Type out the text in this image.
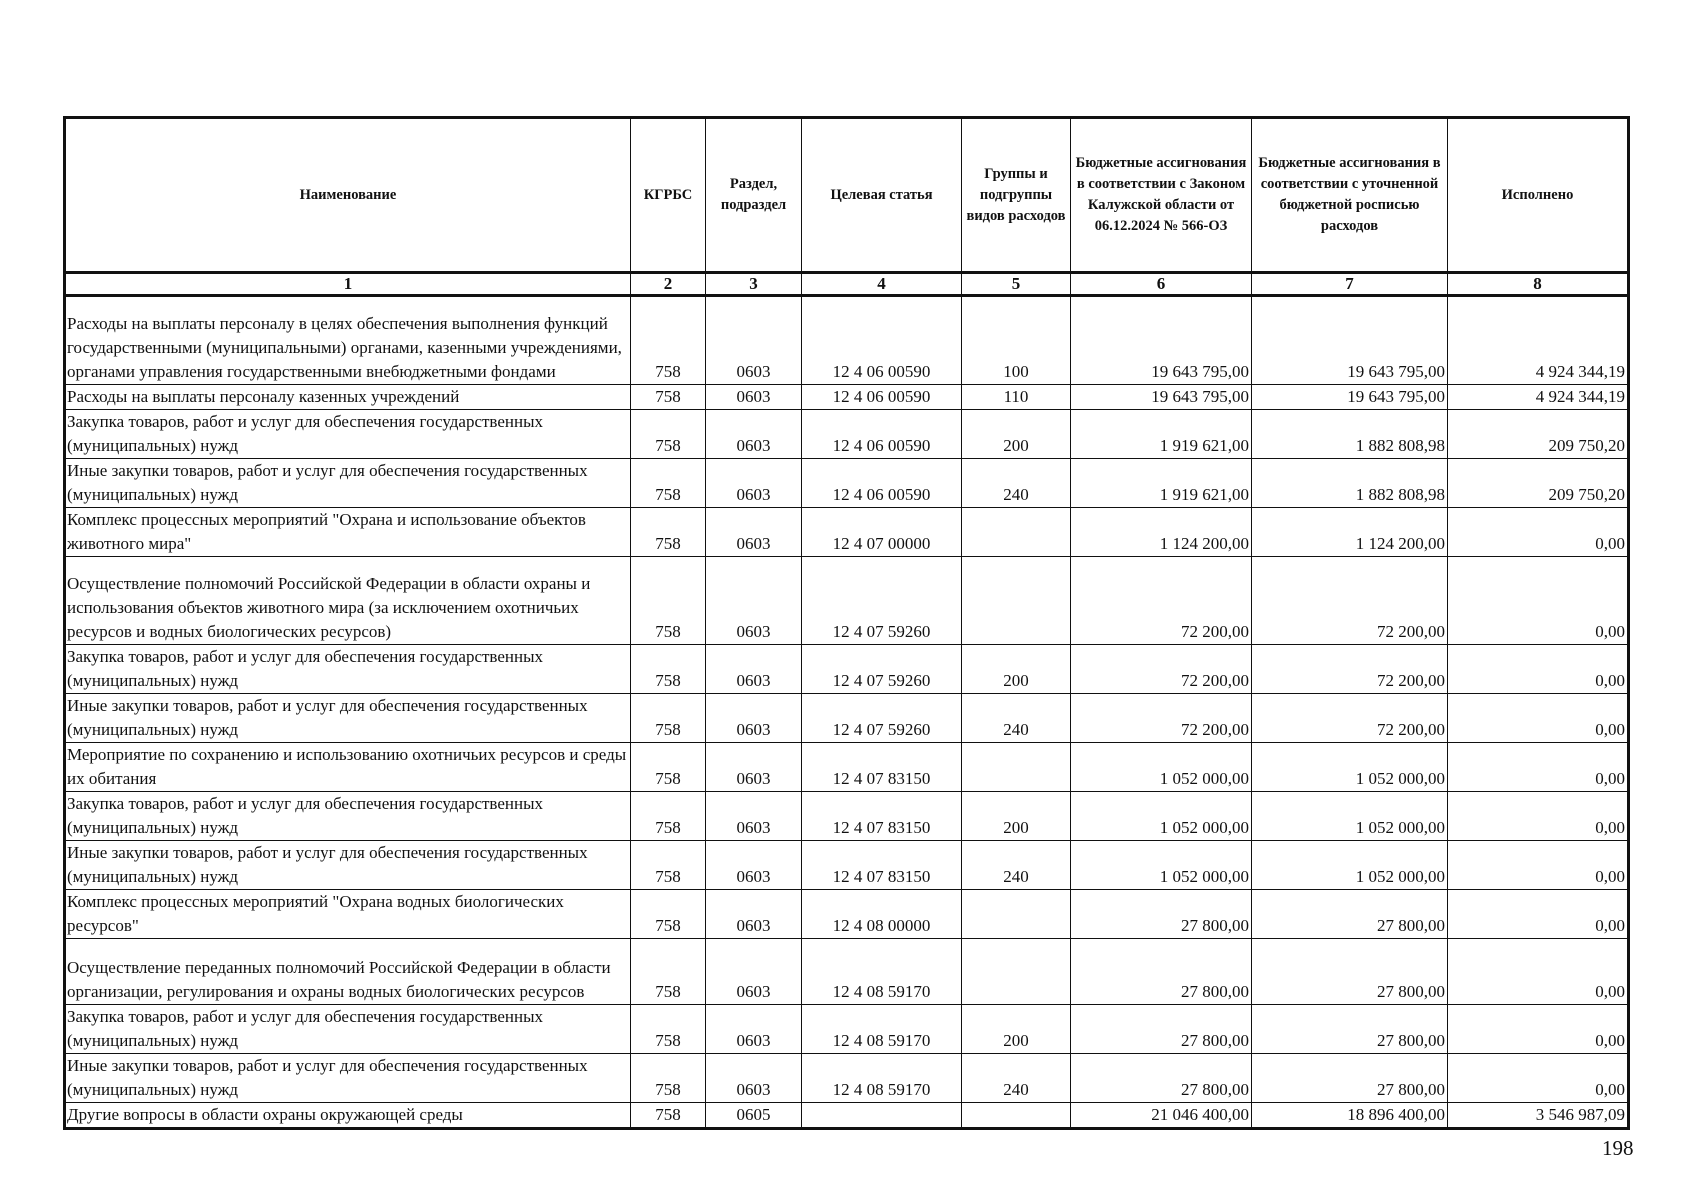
Наименование	КГРБС	Раздел, подраздел	Целевая статья	Группы и подгруппы видов расходов	Бюджетные ассигнования в соответствии с Законом Калужской области от 06.12.2024 № 566-ОЗ	Бюджетные ассигнования в соответствии с уточненной бюджетной росписью расходов	Исполнено
1	2	3	4	5	6	7	8
Расходы на выплаты персоналу в целях обеспечения выполнения функций государственными (муниципальными) органами, казенными учреждениями, органами управления государственными внебюджетными фондами	758	0603	12 4 06 00590	100	19 643 795,00	19 643 795,00	4 924 344,19
Расходы на выплаты персоналу казенных учреждений	758	0603	12 4 06 00590	110	19 643 795,00	19 643 795,00	4 924 344,19
Закупка товаров, работ и услуг для обеспечения государственных (муниципальных) нужд	758	0603	12 4 06 00590	200	1 919 621,00	1 882 808,98	209 750,20
Иные закупки товаров, работ и услуг для обеспечения государственных (муниципальных) нужд	758	0603	12 4 06 00590	240	1 919 621,00	1 882 808,98	209 750,20
Комплекс процессных мероприятий "Охрана и использование объектов животного мира"	758	0603	12 4 07 00000		1 124 200,00	1 124 200,00	0,00
Осуществление полномочий Российской Федерации в области охраны и использования объектов животного мира (за исключением охотничьих ресурсов и водных биологических ресурсов)	758	0603	12 4 07 59260		72 200,00	72 200,00	0,00
Закупка товаров, работ и услуг для обеспечения государственных (муниципальных) нужд	758	0603	12 4 07 59260	200	72 200,00	72 200,00	0,00
Иные закупки товаров, работ и услуг для обеспечения государственных (муниципальных) нужд	758	0603	12 4 07 59260	240	72 200,00	72 200,00	0,00
Мероприятие по сохранению и использованию охотничьих ресурсов и среды их обитания	758	0603	12 4 07 83150		1 052 000,00	1 052 000,00	0,00
Закупка товаров, работ и услуг для обеспечения государственных (муниципальных) нужд	758	0603	12 4 07 83150	200	1 052 000,00	1 052 000,00	0,00
Иные закупки товаров, работ и услуг для обеспечения государственных (муниципальных) нужд	758	0603	12 4 07 83150	240	1 052 000,00	1 052 000,00	0,00
Комплекс процессных мероприятий "Охрана водных биологических ресурсов"	758	0603	12 4 08 00000		27 800,00	27 800,00	0,00
Осуществление переданных полномочий Российской Федерации в области организации, регулирования и охраны водных биологических ресурсов	758	0603	12 4 08 59170		27 800,00	27 800,00	0,00
Закупка товаров, работ и услуг для обеспечения государственных (муниципальных) нужд	758	0603	12 4 08 59170	200	27 800,00	27 800,00	0,00
Иные закупки товаров, работ и услуг для обеспечения государственных (муниципальных) нужд	758	0603	12 4 08 59170	240	27 800,00	27 800,00	0,00
Другие вопросы в области охраны окружающей среды	758	0605			21 046 400,00	18 896 400,00	3 546 987,09
198
